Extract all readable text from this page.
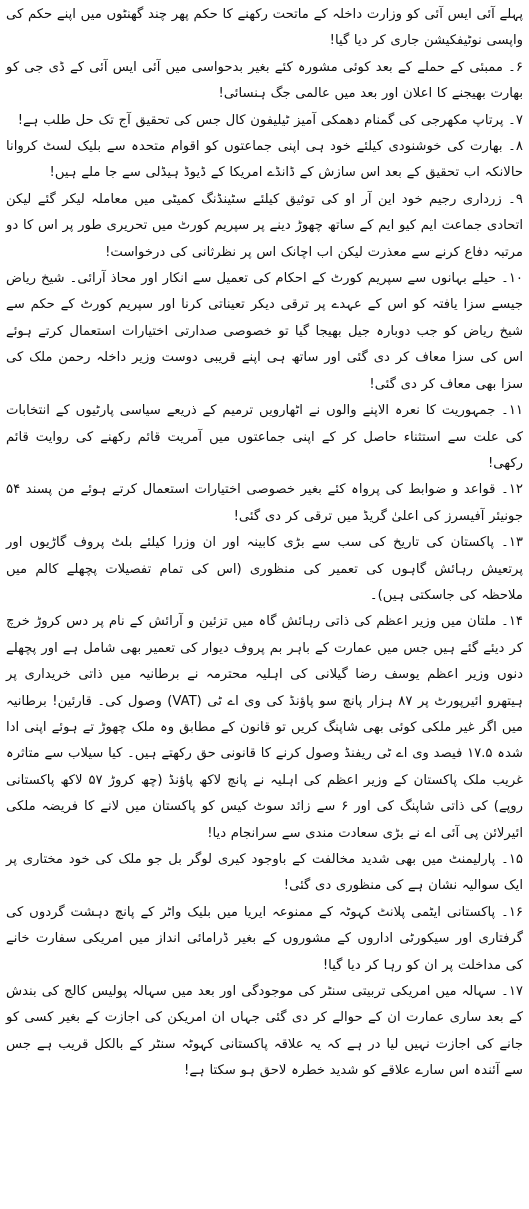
پہلے آئی ایس آئی کو وزارت داخلہ کے ماتحت رکھنے کا حکم پھر چند گھنٹوں میں اپنے حکم کی واپسی نوٹیفکیشن جاری کر دیا گیا!

۶۔ ممبئی کے حملے کے بعد کوئی مشورہ کئے بغیر بدحواسی میں آئی ایس آئی کے ڈی جی کو بھارت بھیجنے کا اعلان اور بعد میں عالمی جگ ہنسائی!

۷۔ پرتاپ مکھرجی کی گمنام دھمکی آمیز ٹیلیفون کال جس کی تحقیق آج تک حل طلب ہے!

۸۔ بھارت کی خوشنودی کیلئے خود ہی اپنی جماعتوں کو اقوام متحدہ سے بلیک لسٹ کروانا حالانکہ اب تحقیق کے بعد اس سازش کے ڈانڈے امریکا کے ڈیوڈ ہیڈلی سے جا ملے ہیں!

۹۔ زرداری رجیم خود این آر او کی توثیق کیلئے سٹینڈنگ کمیٹی میں معاملہ لیکر گئے لیکن اتحادی جماعت ایم کیو ایم کے ساتھ چھوڑ دینے پر سپریم کورٹ میں تحریری طور پر اس کا دو مرتبہ دفاع کرنے سے معذرت لیکن اب اچانک اس پر نظرثانی کی درخواست!

۱۰۔ حیلے بہانوں سے سپریم کورٹ کے احکام کی تعمیل سے انکار اور محاذ آرائی۔ شیخ ریاض جیسے سزا یافتہ کو اس کے عہدے پر ترقی دیکر تعیناتی کرنا اور سپریم کورٹ کے حکم سے شیخ ریاض کو جب دوبارہ جیل بھیجا گیا تو خصوصی صدارتی اختیارات استعمال کرتے ہوئے اس کی سزا معاف کر دی گئی اور ساتھ ہی اپنے قریبی دوست وزیر داخلہ رحمن ملک کی سزا بھی معاف کر دی گئی!

۱۱۔ جمہوریت کا نعرہ الاپنے والوں نے اٹھارویں ترمیم کے ذریعے سیاسی پارٹیوں کے انتخابات کی علت سے استثناء حاصل کر کے اپنی جماعتوں میں آمریت قائم رکھنے کی روایت قائم رکھی!

۱۲۔ قواعد و ضوابط کی پرواہ کئے بغیر خصوصی اختیارات استعمال کرتے ہوئے من پسند ۵۴ جونیئر آفیسرز کی اعلیٰ گریڈ میں ترقی کر دی گئی!

۱۳۔ پاکستان کی تاریخ کی سب سے بڑی کابینہ اور ان وزرا کیلئے بلٹ پروف گاڑیوں اور پرتعیش رہائش گاہوں کی تعمیر کی منظوری (اس کی تمام تفصیلات پچھلے کالم میں ملاحظہ کی جاسکتی ہیں)۔

۱۴۔ ملتان میں وزیر اعظم کی ذاتی رہائش گاہ میں تزئین و آرائش کے نام پر دس کروڑ خرچ کر دیئے گئے ہیں جس میں عمارت کے باہر بم پروف دیوار کی تعمیر بھی شامل ہے اور پچھلے دنوں وزیر اعظم یوسف رضا گیلانی کی اہلیہ محترمہ نے برطانیہ میں ذاتی خریداری پر ہیتھرو ائیرپورٹ پر ۸۷ ہزار پانچ سو پاؤنڈ کی وی اے ٹی (VAT) وصول کی۔ قارئین! برطانیہ میں اگر غیر ملکی کوئی بھی شاپنگ کریں تو قانون کے مطابق وہ ملک چھوڑ تے ہوئے اپنی ادا شدہ ۱۷.۵ فیصد وی اے ٹی ریفنڈ وصول کرنے کا قانونی حق رکھتے ہیں۔ کیا سیلاب سے متاثرہ غریب ملک پاکستان کے وزیر اعظم کی اہلیہ نے پانچ لاکھ پاؤنڈ (چھ کروڑ ۵۷ لاکھ پاکستانی روپے) کی ذاتی شاپنگ کی اور ۶ سے زائد سوٹ کیس کو پاکستان میں لانے کا فریضہ ملکی ائیرلائن پی آئی اے نے بڑی سعادت مندی سے سرانجام دیا!

۱۵۔ پارلیمنٹ میں بھی شدید مخالفت کے باوجود کیری لوگر بل جو ملک کی خود مختاری پر ایک سوالیہ نشان ہے کی منظوری دی گئی!

۱۶۔ پاکستانی ایٹمی پلانٹ کہوٹہ کے ممنوعہ ایریا میں بلیک واٹر کے پانچ دہشت گردوں کی گرفتاری اور سیکورٹی اداروں کے مشوروں کے بغیر ڈرامائی انداز میں امریکی سفارت خانے کی مداخلت پر ان کو رہا کر دیا گیا!

۱۷۔ سہالہ میں امریکی تربیتی سنٹر کی موجودگی اور بعد میں سہالہ پولیس کالج کی بندش کے بعد ساری عمارت ان کے حوالے کر دی گئی جہاں ان امریکن کی اجازت کے بغیر کسی کو جانے کی اجازت نہیں لیا در ہے کہ یہ علاقہ پاکستانی کہوٹہ سنٹر کے بالکل قریب ہے جس سے آئندہ اس سارے علاقے کو شدید خطرہ لاحق ہو سکتا ہے!
